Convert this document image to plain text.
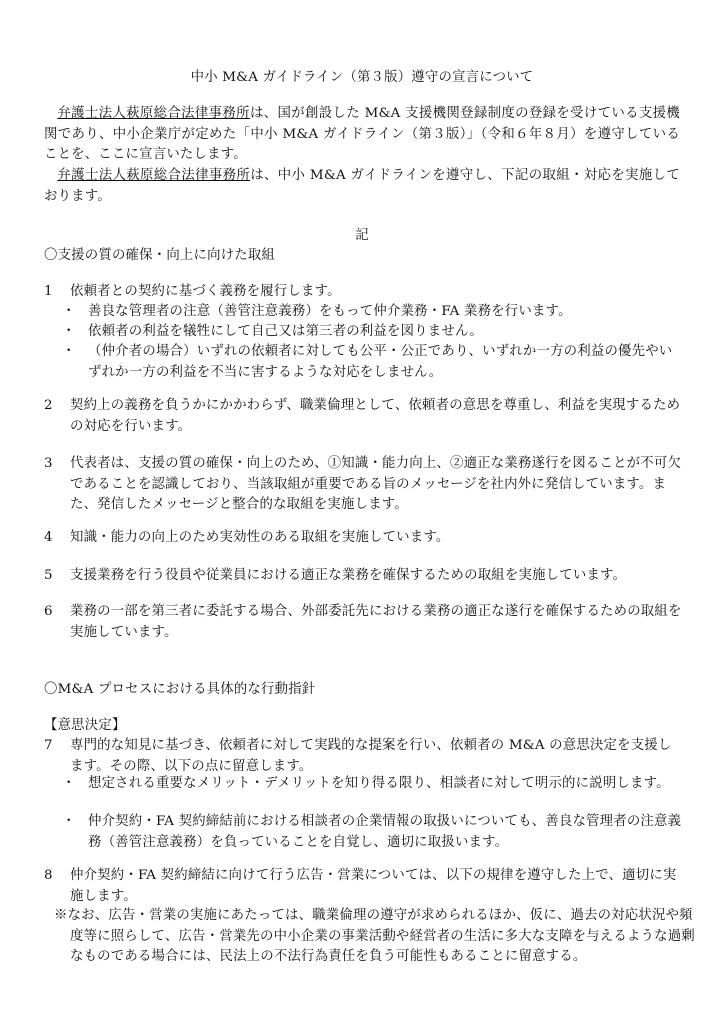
中小 M&A ガイドライン（第３版）遵守の宣言について
弁護士法人萩原総合法律事務所は、国が創設した M&A 支援機関登録制度の登録を受けている支援機関であり、中小企業庁が定めた「中小 M&A ガイドライン（第３版）」（令和６年８月）を遵守していることを、ここに宣言いたします。
弁護士法人萩原総合法律事務所は、中小 M&A ガイドラインを遵守し、下記の取組・対応を実施しております。
記
〇支援の質の確保・向上に向けた取組
1	依頼者との契約に基づく義務を履行します。
・ 善良な管理者の注意（善管注意義務）をもって仲介業務・FA 業務を行います。
・ 依頼者の利益を犠牲にして自己又は第三者の利益を図りません。
・ （仲介者の場合）いずれの依頼者に対しても公平・公正であり、いずれか一方の利益の優先やいずれか一方の利益を不当に害するような対応をしません。
2	契約上の義務を負うかにかかわらず、職業倫理として、依頼者の意思を尊重し、利益を実現するための対応を行います。
3	代表者は、支援の質の確保・向上のため、①知識・能力向上、②適正な業務遂行を図ることが不可欠であることを認識しており、当該取組が重要である旨のメッセージを社内外に発信しています。また、発信したメッセージと整合的な取組を実施します。
4	知識・能力の向上のため実効性のある取組を実施しています。
5	支援業務を行う役員や従業員における適正な業務を確保するための取組を実施しています。
6	業務の一部を第三者に委託する場合、外部委託先における業務の適正な遂行を確保するための取組を実施しています。
〇M&A プロセスにおける具体的な行動指針
【意思決定】
7	専門的な知見に基づき、依頼者に対して実践的な提案を行い、依頼者の M&A の意思決定を支援します。その際、以下の点に留意します。
・ 想定される重要なメリット・デメリットを知り得る限り、相談者に対して明示的に説明します。
・ 仲介契約・FA 契約締結前における相談者の企業情報の取扱いについても、善良な管理者の注意義務（善管注意義務）を負っていることを自覚し、適切に取扱います。
8	仲介契約・FA 契約締結に向けて行う広告・営業については、以下の規律を遵守した上で、適切に実施します。
※なお、広告・営業の実施にあたっては、職業倫理の遵守が求められるほか、仮に、過去の対応状況や頻度等に照らして、広告・営業先の中小企業の事業活動や経営者の生活に多大な支障を与えるような過剰なものである場合には、民法上の不法行為責任を負う可能性もあることに留意する。
